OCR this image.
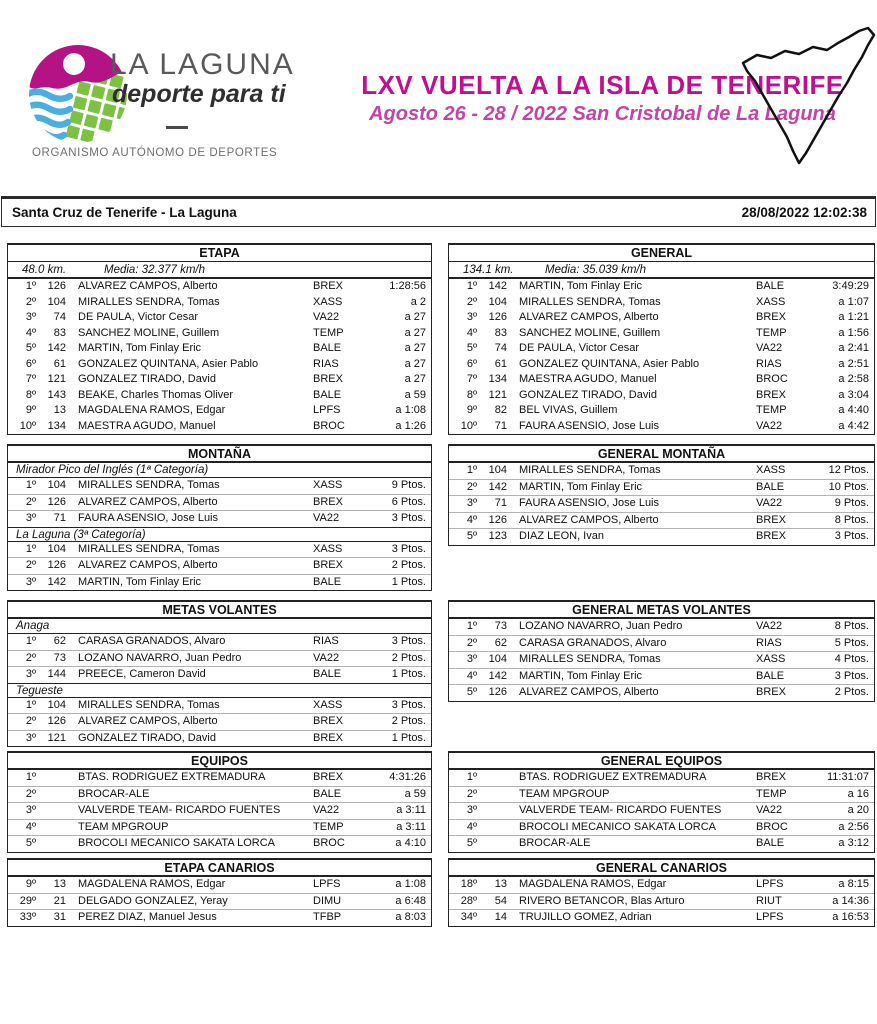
LA LAGUNA
deporte para ti
ORGANISMO AUTÓNOMO DE DEPORTES
LXV VUELTA A LA ISLA DE TENERIFE
Agosto 26 - 28 / 2022 San Cristobal de La Laguna
Santa Cruz de Tenerife - La Laguna	28/08/2022 12:02:38
ETAPA
48.0 km.	Media: 32.377 km/h
1º	126	ALVAREZ CAMPOS, Alberto	BREX	1:28:56
2º	104	MIRALLES SENDRA, Tomas	XASS	a 2
3º	74	DE PAULA, Victor Cesar	VA22	a 27
4º	83	SANCHEZ MOLINE, Guillem	TEMP	a 27
5º	142	MARTIN, Tom Finlay Eric	BALE	a 27
6º	61	GONZALEZ QUINTANA, Asier Pablo	RIAS	a 27
7º	121	GONZALEZ TIRADO, David	BREX	a 27
8º	143	BEAKE, Charles Thomas Oliver	BALE	a 59
9º	13	MAGDALENA RAMOS, Edgar	LPFS	a 1:08
10º	134	MAESTRA AGUDO, Manuel	BROC	a 1:26
GENERAL
134.1 km.	Media: 35.039 km/h
1º	142	MARTIN, Tom Finlay Eric	BALE	3:49:29
2º	104	MIRALLES SENDRA, Tomas	XASS	a 1:07
3º	126	ALVAREZ CAMPOS, Alberto	BREX	a 1:21
4º	83	SANCHEZ MOLINE, Guillem	TEMP	a 1:56
5º	74	DE PAULA, Victor Cesar	VA22	a 2:41
6º	61	GONZALEZ QUINTANA, Asier Pablo	RIAS	a 2:51
7º	134	MAESTRA AGUDO, Manuel	BROC	a 2:58
8º	121	GONZALEZ TIRADO, David	BREX	a 3:04
9º	82	BEL VIVAS, Guillem	TEMP	a 4:40
10º	71	FAURA ASENSIO, Jose Luis	VA22	a 4:42
MONTAÑA
Mirador Pico del Inglés (1ª Categoría)
1º	104	MIRALLES SENDRA, Tomas	XASS	9 Ptos.
2º	126	ALVAREZ CAMPOS, Alberto	BREX	6 Ptos.
3º	71	FAURA ASENSIO, Jose Luis	VA22	3 Ptos.
La Laguna (3ª Categoría)
1º	104	MIRALLES SENDRA, Tomas	XASS	3 Ptos.
2º	126	ALVAREZ CAMPOS, Alberto	BREX	2 Ptos.
3º	142	MARTIN, Tom Finlay Eric	BALE	1 Ptos.
GENERAL MONTAÑA
1º	104	MIRALLES SENDRA, Tomas	XASS	12 Ptos.
2º	142	MARTIN, Tom Finlay Eric	BALE	10 Ptos.
3º	71	FAURA ASENSIO, Jose Luis	VA22	9 Ptos.
4º	126	ALVAREZ CAMPOS, Alberto	BREX	8 Ptos.
5º	123	DIAZ LEON, Ivan	BREX	3 Ptos.
METAS VOLANTES
Anaga
1º	62	CARASA GRANADOS, Alvaro	RIAS	3 Ptos.
2º	73	LOZANO NAVARRO, Juan Pedro	VA22	2 Ptos.
3º	144	PREECE, Cameron David	BALE	1 Ptos.
Tegueste
1º	104	MIRALLES SENDRA, Tomas	XASS	3 Ptos.
2º	126	ALVAREZ CAMPOS, Alberto	BREX	2 Ptos.
3º	121	GONZALEZ TIRADO, David	BREX	1 Ptos.
GENERAL METAS VOLANTES
1º	73	LOZANO NAVARRO, Juan Pedro	VA22	8 Ptos.
2º	62	CARASA GRANADOS, Alvaro	RIAS	5 Ptos.
3º	104	MIRALLES SENDRA, Tomas	XASS	4 Ptos.
4º	142	MARTIN, Tom Finlay Eric	BALE	3 Ptos.
5º	126	ALVAREZ CAMPOS, Alberto	BREX	2 Ptos.
EQUIPOS
1º	BTAS. RODRIGUEZ EXTREMADURA	BREX	4:31:26
2º	BROCAR-ALE	BALE	a 59
3º	VALVERDE TEAM- RICARDO FUENTES	VA22	a 3:11
4º	TEAM MPGROUP	TEMP	a 3:11
5º	BROCOLI MECANICO SAKATA LORCA	BROC	a 4:10
GENERAL EQUIPOS
1º	BTAS. RODRIGUEZ EXTREMADURA	BREX	11:31:07
2º	TEAM MPGROUP	TEMP	a 16
3º	VALVERDE TEAM- RICARDO FUENTES	VA22	a 20
4º	BROCOLI MECANICO SAKATA LORCA	BROC	a 2:56
5º	BROCAR-ALE	BALE	a 3:12
ETAPA CANARIOS
9º	13	MAGDALENA RAMOS, Edgar	LPFS	a 1:08
29º	21	DELGADO GONZALEZ, Yeray	DIMU	a 6:48
33º	31	PEREZ DIAZ, Manuel Jesus	TFBP	a 8:03
GENERAL CANARIOS
18º	13	MAGDALENA RAMOS, Edgar	LPFS	a 8:15
28º	54	RIVERO BETANCOR, Blas Arturo	RIUT	a 14:36
34º	14	TRUJILLO GOMEZ, Adrian	LPFS	a 16:53
